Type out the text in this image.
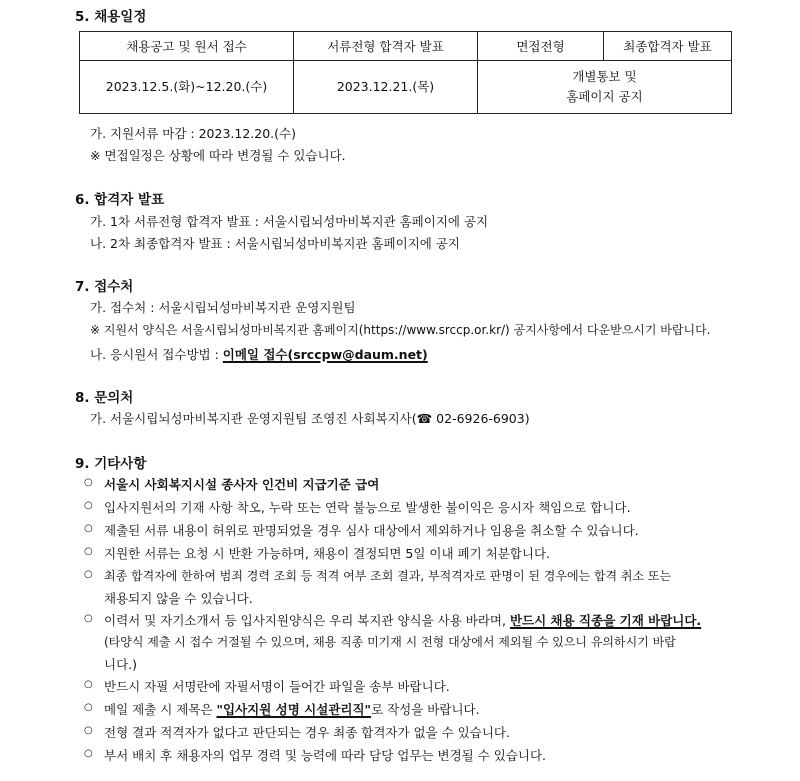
5. 채용일정
채용공고 및 원서 접수	서류전형 합격자 발표	면접전형	최종합격자 발표
2023.12.5.(화)~12.20.(수)	2023.12.21.(목)	개별통보 및
홈페이지 공지	
가. 지원서류 마감 : 2023.12.20.(수)
※ 면접일정은 상황에 따라 변경될 수 있습니다.
6. 합격자 발표
가. 1차 서류전형 합격자 발표 : 서울시립뇌성마비복지관 홈페이지에 공지
나. 2차 최종합격자 발표 : 서울시립뇌성마비복지관 홈페이지에 공지
7. 접수처
가. 접수처 : 서울시립뇌성마비복지관 운영지원팀
※ 지원서 양식은 서울시립뇌성마비복지관 홈페이지(https://www.srccp.or.kr/) 공지사항에서 다운받으시기 바랍니다.
나. 응시원서 접수방법 : 이메일 접수(srccpw@daum.net)
8. 문의처
가. 서울시립뇌성마비복지관 운영지원팀 조영진 사회복지사(☎ 02-6926-6903)
9. 기타사항
○ 서울시 사회복지시설 종사자 인건비 지급기준 급여
○ 입사지원서의 기재 사항 착오, 누락 또는 연락 불능으로 발생한 불이익은 응시자 책임으로 합니다.
○ 제출된 서류 내용이 허위로 판명되었을 경우 심사 대상에서 제외하거나 임용을 취소할 수 있습니다.
○ 지원한 서류는 요청 시 반환 가능하며, 채용이 결정되면 5일 이내 폐기 처분합니다.
○ 최종 합격자에 한하여 범죄 경력 조회 등 적격 여부 조회 결과, 부적격자로 판명이 된 경우에는 합격 취소 또는
채용되지 않을 수 있습니다.
○ 이력서 및 자기소개서 등 입사지원양식은 우리 복지관 양식을 사용 바라며, 반드시 채용 직종을 기재 바랍니다.
(타양식 제출 시 접수 거절될 수 있으며, 채용 직종 미기재 시 전형 대상에서 제외될 수 있으니 유의하시기 바랍
니다.)
○ 반드시 자필 서명란에 자필서명이 들어간 파일을 송부 바랍니다.
○ 메일 제출 시 제목은 "입사지원 성명 시설관리직"로 작성을 바랍니다.
○ 전형 결과 적격자가 없다고 판단되는 경우 최종 합격자가 없을 수 있습니다.
○ 부서 배치 후 채용자의 업무 경력 및 능력에 따라 담당 업무는 변경될 수 있습니다.
